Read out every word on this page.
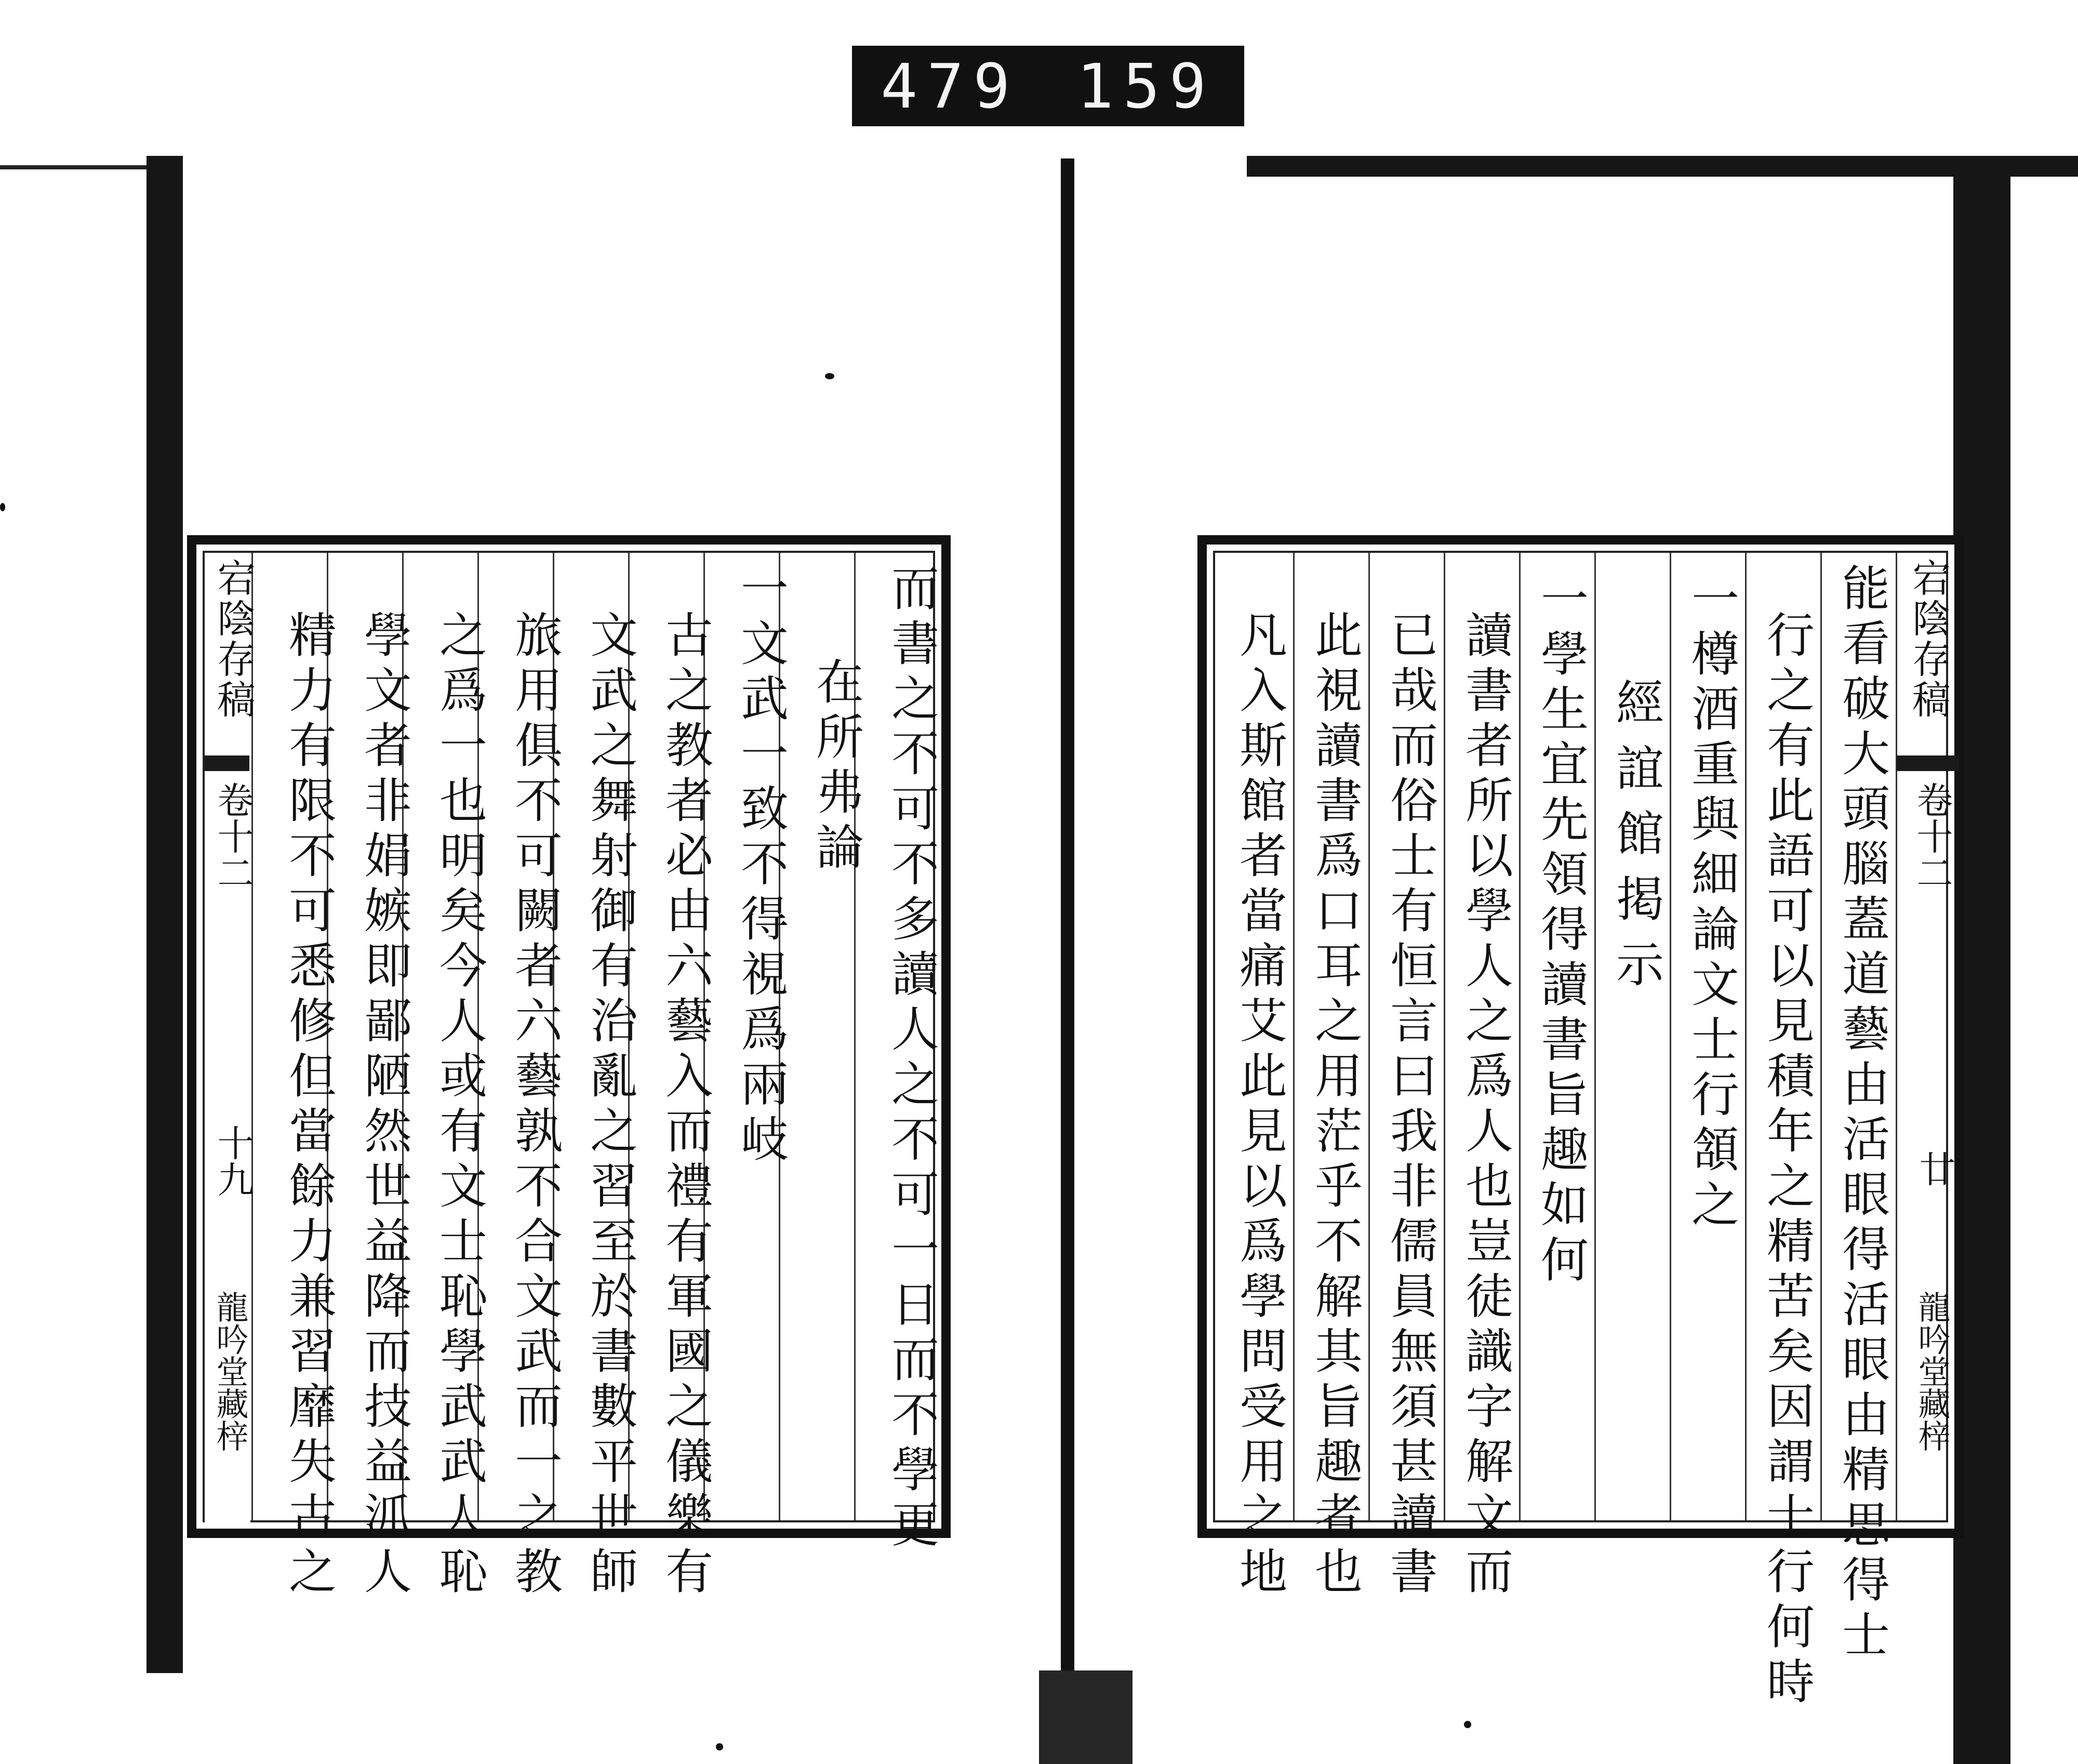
479 159
宕陰存稿
卷十二
十九
龍吟堂藏梓	而書之不可不多讀人之不可一日而不學更
在所弗論
一文武一致不得視爲兩岐
古之教者必由六藝入而禮有軍國之儀樂有
文武之舞射御有治亂之習至於書數平世師
旅用俱不可闕者六藝孰不合文武而一之教
之爲一也明矣今人或有文士恥學武武人恥
學文者非娟嫉即鄙陋然世益降而技益沠人
精力有限不可悉修但當餘力兼習靡失古之	宕陰存稿
卷十二
廿
龍吟堂藏梓
能看破大頭腦蓋道藝由活眼得活眼由精思得士
行之有此語可以見積年之精苦矣因謂士行何時
一樽酒重與細論文士行頷之
經誼館掲示
一學生宜先領得讀書旨趣如何
讀書者所以學人之爲人也豈徒識字解文而
已哉而俗士有恒言曰我非儒員無須甚讀書
此視讀書爲口耳之用茫乎不解其旨趣者也
凡入斯館者當痛艾此見以爲學問受用之地
